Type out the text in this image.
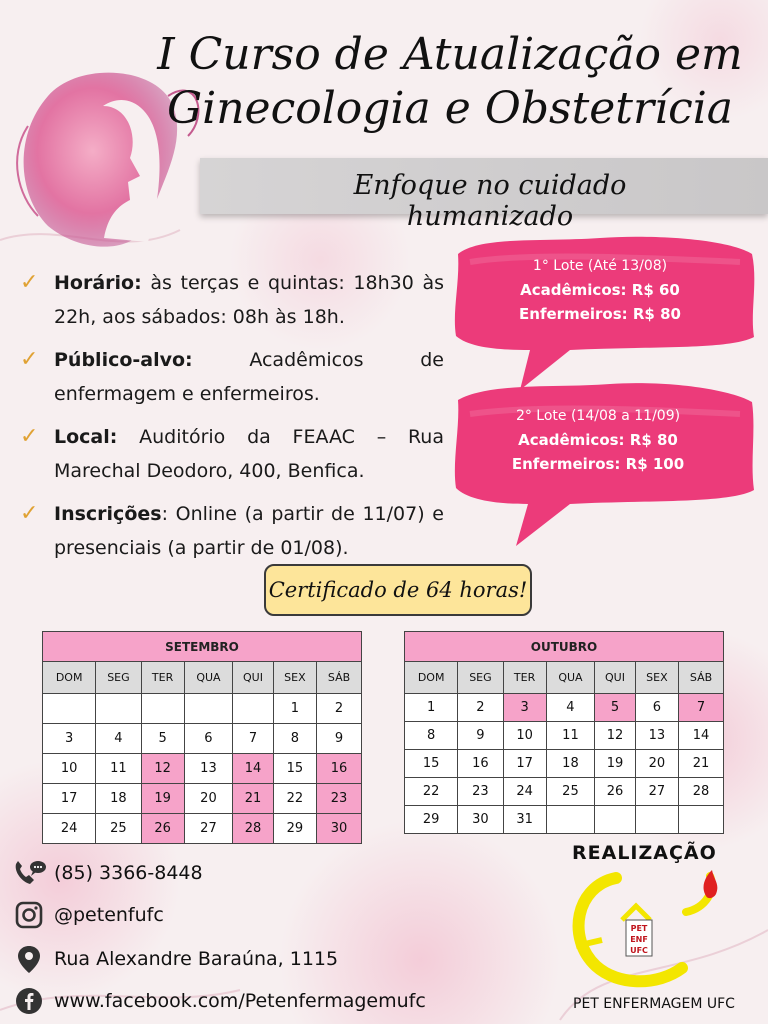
I Curso de Atualização em Ginecologia e Obstetrícia
Enfoque no cuidado humanizado
✓ Horário: às terças e quintas: 18h30 às 22h, aos sábados: 08h às 18h.
✓ Público-alvo: Acadêmicos de enfermagem e enfermeiros.
✓ Local: Auditório da FEAAC – Rua Marechal Deodoro, 400, Benfica.
✓ Inscrições: Online (a partir de 11/07) e presenciais (a partir de 01/08).
1° Lote (Até 13/08)
Acadêmicos: R$ 60
Enfermeiros: R$ 80
2° Lote (14/08 a 11/09)
Acadêmicos: R$ 80
Enfermeiros: R$ 100
Certificado de 64 horas!
SETEMBRO						
DOM	SEG	TER	QUA	QUI	SEX	SÁB
					1	2
3	4	5	6	7	8	9
10	11	12	13	14	15	16
17	18	19	20	21	22	23
24	25	26	27	28	29	30
OUTUBRO						
DOM	SEG	TER	QUA	QUI	SEX	SÁB
1	2	3	4	5	6	7
8	9	10	11	12	13	14
15	16	17	18	19	20	21
22	23	24	25	26	27	28
29	30	31				
(85) 3366-8448
@petenfufc
Rua Alexandre Baraúna, 1115
www.facebook.com/Petenfermagemufc
REALIZAÇÃO
PET
ENF
UFC
PET ENFERMAGEM UFC
